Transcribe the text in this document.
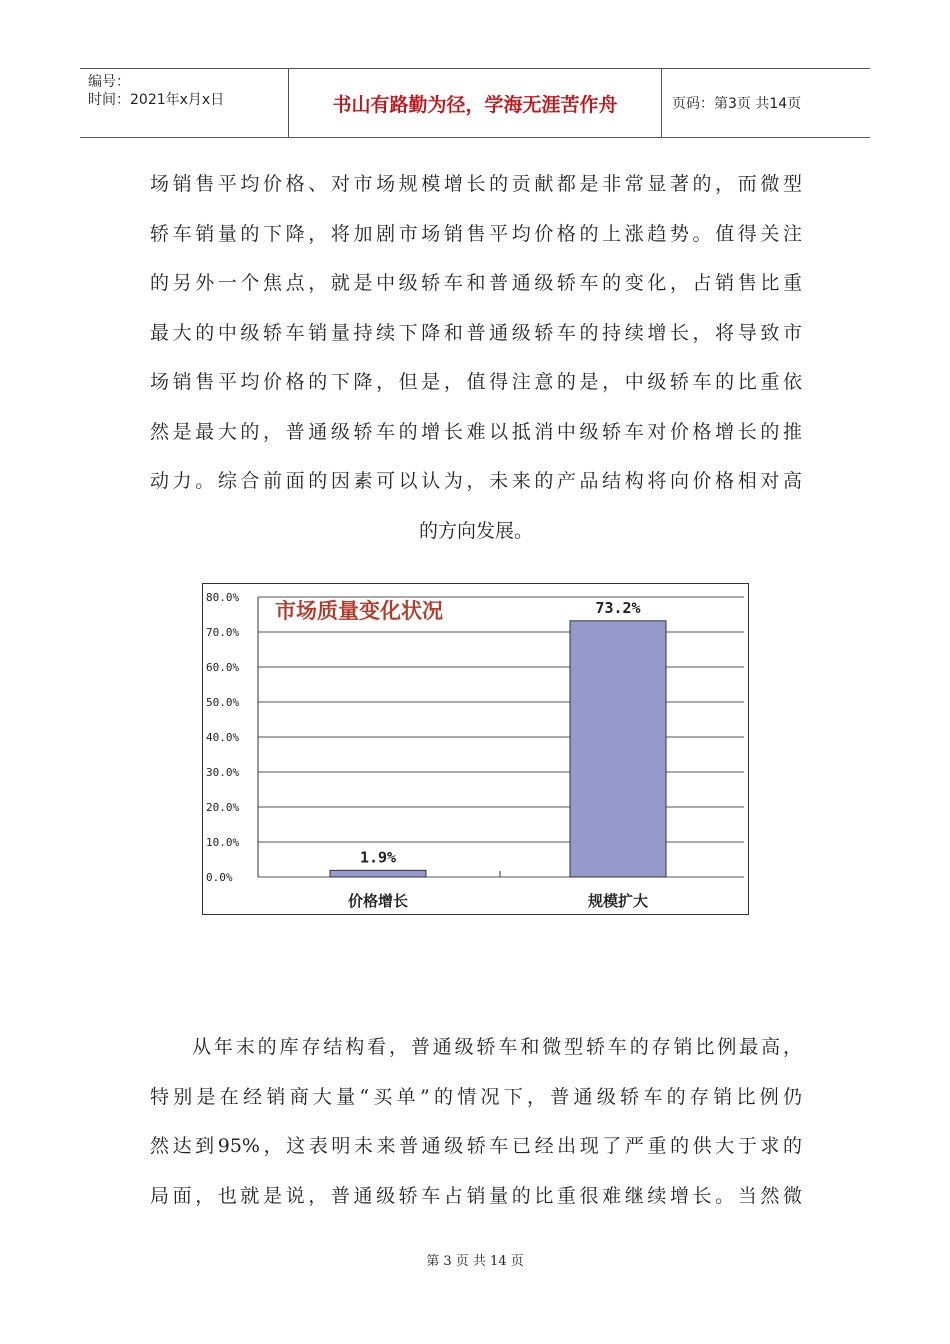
编号：
时间：2021年x月x日	书山有路勤为径，学海无涯苦作舟	页码：第3页 共14页

场销售平均价格、对市场规模增长的贡献都是非常显著的，而微型

轿车销量的下降，将加剧市场销售平均价格的上涨趋势。值得关注

的另外一个焦点，就是中级轿车和普通级轿车的变化，占销售比重

最大的中级轿车销量持续下降和普通级轿车的持续增长，将导致市

场销售平均价格的下降，但是，值得注意的是，中级轿车的比重依

然是最大的，普通级轿车的增长难以抵消中级轿车对价格增长的推

动力。综合前面的因素可以认为，未来的产品结构将向价格相对高

的方向发展。

0.0%
10.0%
20.0%
30.0%
40.0%
50.0%
60.0%
70.0%
80.0%
1.9%
价格增长
73.2%
规模扩大
市场质量变化状况

从年末的库存结构看，普通级轿车和微型轿车的存销比例最高，

特别是在经销商大量“买单”的情况下，普通级轿车的存销比例仍

然达到95%，这表明未来普通级轿车已经出现了严重的供大于求的

局面，也就是说，普通级轿车占销量的比重很难继续增长。当然微

第 3 页 共 14 页
